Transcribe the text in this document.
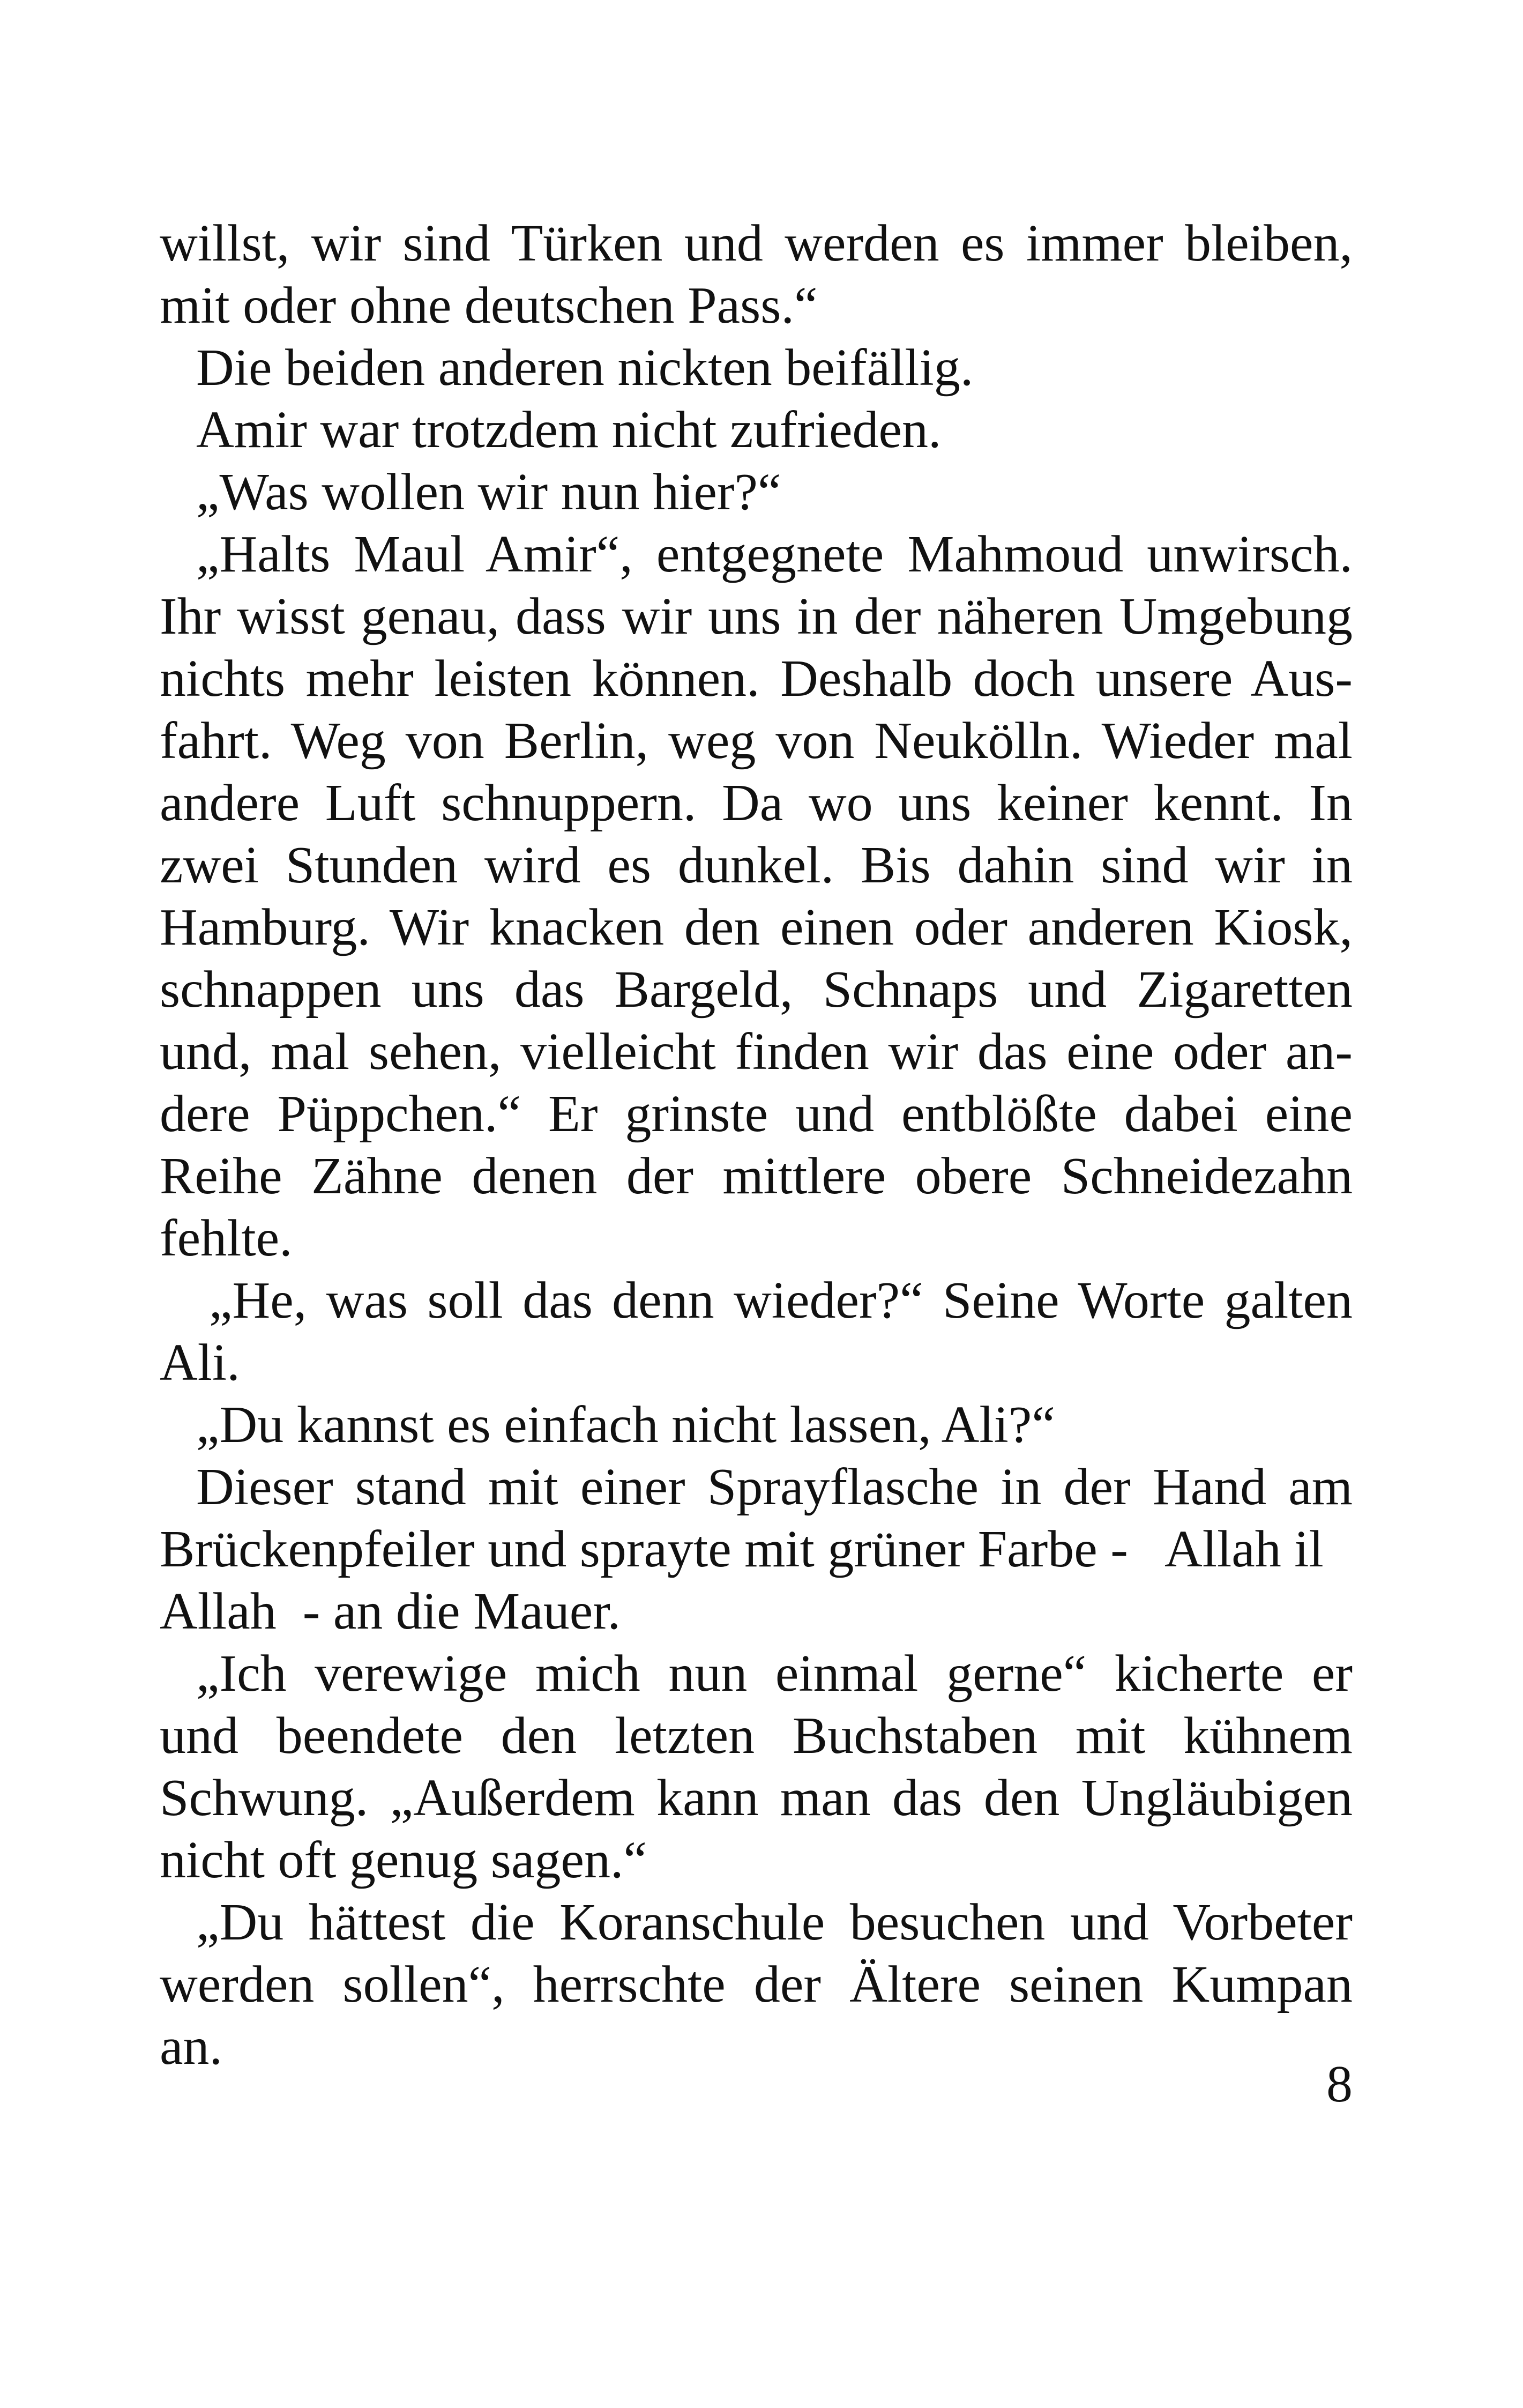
willst, wir sind Türken und werden es immer bleiben,
mit oder ohne deutschen Pass.“
Die beiden anderen nickten beifällig.
Amir war trotzdem nicht zufrieden.
„Was wollen wir nun hier?“
„Halts Maul Amir“, entgegnete Mahmoud unwirsch.
Ihr wisst genau, dass wir uns in der näheren Umgebung
nichts mehr leisten können. Deshalb doch unsere Aus-
fahrt. Weg von Berlin, weg von Neukölln. Wieder mal
andere Luft schnuppern. Da wo uns keiner kennt. In
zwei Stunden wird es dunkel. Bis dahin sind wir in
Hamburg. Wir knacken den einen oder anderen Kiosk,
schnappen uns das Bargeld, Schnaps und Zigaretten
und, mal sehen, vielleicht finden wir das eine oder an-
dere Püppchen.“ Er grinste und entblößte dabei eine
Reihe Zähne denen der mittlere obere Schneidezahn
fehlte.
„He, was soll das denn wieder?“ Seine Worte galten
Ali.
„Du kannst es einfach nicht lassen, Ali?“
Dieser stand mit einer Sprayflasche in der Hand am
Brückenpfeiler und sprayte mit grüner Farbe -   Allah il
Allah  - an die Mauer.
„Ich verewige mich nun einmal gerne“ kicherte er
und beendete den letzten Buchstaben mit kühnem
Schwung. „Außerdem kann man das den Ungläubigen
nicht oft genug sagen.“
„Du hättest die Koranschule besuchen und Vorbeter
werden sollen“, herrschte der Ältere seinen Kumpan
an.
8
